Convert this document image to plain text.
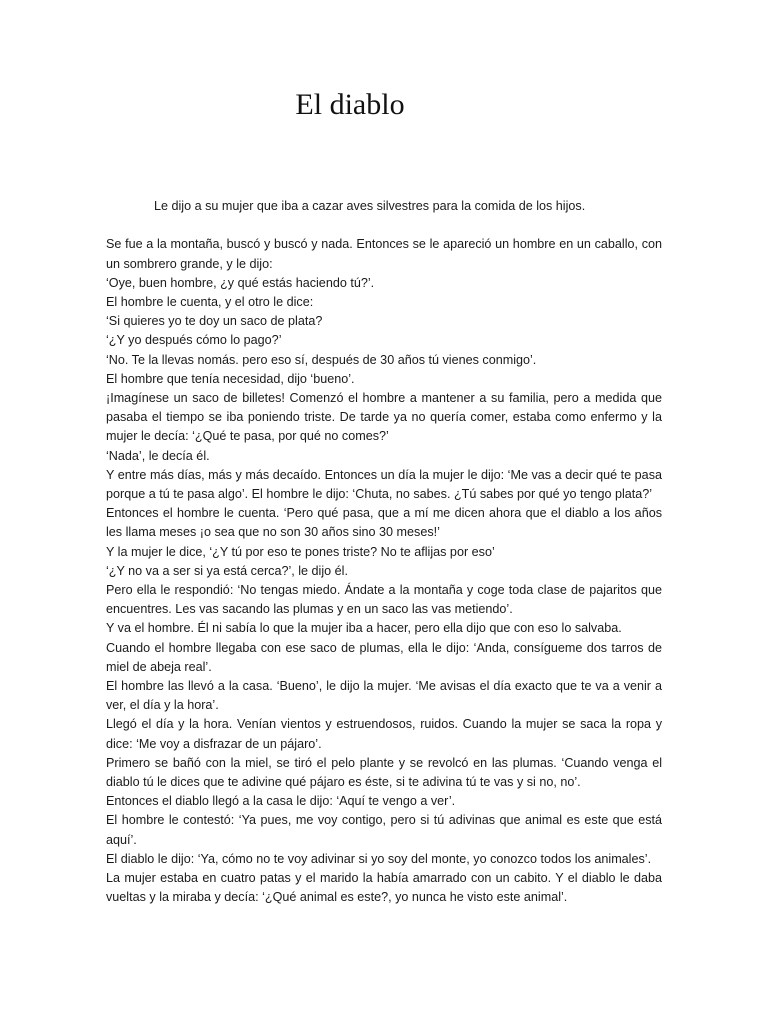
El diablo

Le dijo a su mujer que iba a cazar aves silvestres para la comida de los hijos.

Se fue a la montaña, buscó y buscó y nada. Entonces se le apareció un hombre en un caballo, con un sombrero grande, y le dijo:

‘Oye, buen hombre, ¿y qué estás haciendo tú?’.

El hombre le cuenta, y el otro le dice:

‘Si quieres yo te doy un saco de plata?

‘¿Y yo después cómo lo pago?’

‘No. Te la llevas nomás. pero eso sí, después de 30 años tú vienes conmigo’.

El hombre que tenía necesidad, dijo ‘bueno’.

¡Imagínese un saco de billetes! Comenzó el hombre a mantener a su familia, pero a medida que pasaba el tiempo se iba poniendo triste. De tarde ya no quería comer, estaba como enfermo y la mujer le decía: ‘¿Qué te pasa, por qué no comes?’

‘Nada’, le decía él.

Y entre más días, más y más decaído. Entonces un día la mujer le dijo: ‘Me vas a decir qué te pasa porque a tú te pasa algo’. El hombre le dijo: ‘Chuta, no sabes. ¿Tú sabes por qué yo tengo plata?’

Entonces el hombre le cuenta. ‘Pero qué pasa, que a mí me dicen ahora que el diablo a los años les llama meses ¡o sea que no son 30 años sino 30 meses!’

Y la mujer le dice, ‘¿Y tú por eso te pones triste? No te aflijas por eso’

‘¿Y no va a ser si ya está cerca?’, le dijo él.

Pero ella le respondió: ‘No tengas miedo. Ándate a la montaña y coge toda clase de pajaritos que encuentres. Les vas sacando las plumas y en un saco las vas metiendo’.

Y va el hombre. Él ni sabía lo que la mujer iba a hacer, pero ella dijo que con eso lo salvaba.

Cuando el hombre llegaba con ese saco de plumas, ella le dijo: ‘Anda, consígueme dos tarros de miel de abeja real’.

El hombre las llevó a la casa. ‘Bueno’, le dijo la mujer. ‘Me avisas el día exacto que te va a venir a ver, el día y la hora’.

Llegó el día y la hora. Venían vientos y estruendosos, ruidos. Cuando la mujer se saca la ropa y dice: ‘Me voy a disfrazar de un pájaro’.

Primero se bañó con la miel, se tiró el pelo plante y se revolcó en las plumas. ‘Cuando venga el diablo tú le dices que te adivine qué pájaro es éste, si te adivina tú te vas y si no, no’.

Entonces el diablo llegó a la casa le dijo: ‘Aquí te vengo a ver’.

El hombre le contestó: ‘Ya pues, me voy contigo, pero si tú adivinas que animal es este que está aquí’.

El diablo le dijo: ‘Ya, cómo no te voy adivinar si yo soy del monte, yo conozco todos los animales’.

La mujer estaba en cuatro patas y el marido la había amarrado con un cabito. Y el diablo le daba vueltas y la miraba y decía: ‘¿Qué animal es este?, yo nunca he visto este animal’.
